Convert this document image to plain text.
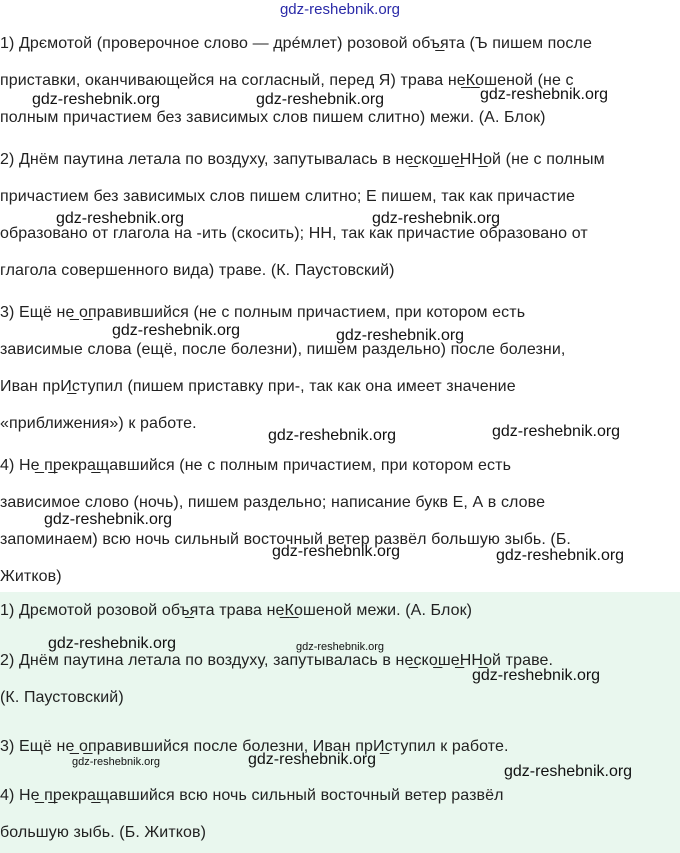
gdz-reshebnik.org
1) Дрємотой (проверочное слово — дрéмлет) розовой объ̲ята (Ъ пишем после
приставки, оканчивающейся на согласный, перед Я) трава не̲К̲ошеной (не с
полным причастием без зависимых слов пишем слитно) межи. (А. Блок)
2) Днём паутина летала по воздуху, запутывалась в не̲ско̲ше̲НН̲ой (не с полным
причастием без зависимых слов пишем слитно; Е пишем, так как причастие
образовано от глагола на -ить (скосить); НН, так как причастие образовано от
глагола совершенного вида) траве. (К. Паустовский)
3) Ещё не̲ о̲правившийся (не с полным причастием, при котором есть
зависимые слова (ещё, после болезни), пишем раздельно) после болезни,
Иван прИ̲ступил (пишем приставку при-, так как она имеет значение
«приближения») к работе.
4) Не̲ п̲рекра̲щавшийся (не с полным причастием, при котором есть
зависимое слово (ночь), пишем раздельно; написание букв Е, А в слове
запоминаем) всю ночь сильный восточный ветер развёл большую зыбь. (Б.
Житков)
1) Дрємотой розовой объ̲ята трава не̲К̲ошеной межи. (А. Блок)
2) Днём паутина летала по воздуху, запутывалась в не̲ско̲ше̲НН̲ой траве.
(К. Паустовский)
3) Ещё не̲ о̲правившийся после болезни, Иван прИ̲ступил к работе.
4) Не̲ п̲рекра̲щавшийся всю ночь сильный восточный ветер развёл
большую зыбь. (Б. Житков)
gdz-reshebnik.org	gdz-reshebnik.org	gdz-reshebnik.org
gdz-reshebnik.org	gdz-reshebnik.org
gdz-reshebnik.org	gdz-reshebnik.org
gdz-reshebnik.org	gdz-reshebnik.org
gdz-reshebnik.org
gdz-reshebnik.org	gdz-reshebnik.org
gdz-reshebnik.org	gdz-reshebnik.org
gdz-reshebnik.org
gdz-reshebnik.org	gdz-reshebnik.org
gdz-reshebnik.org
